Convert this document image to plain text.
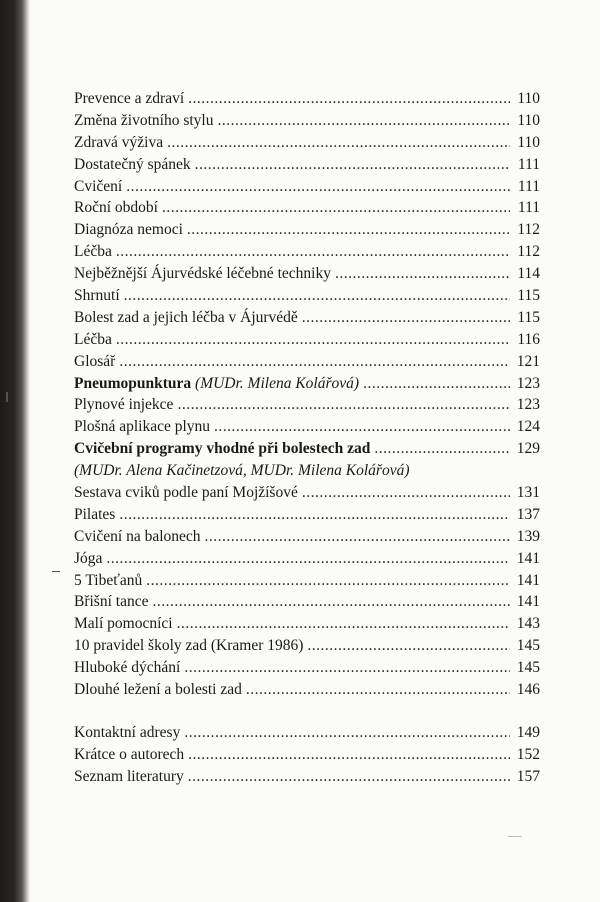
Prevence a zdraví .....	110
Změna životního stylu .....	110
Zdravá výživa .....	110
Dostatečný spánek .....	111
Cvičení .....	111
Roční období .....	111
Diagnóza nemoci .....	112
Léčba .....	112
Nejběžnější Ájurvédské léčebné techniky .....	114
Shrnutí .....	115
Bolest zad a jejich léčba v Ájurvédě .....	115
Léčba .....	116
Glosář .....	121
Pneumopunktura (MUDr. Milena Kolářová) .....	123
Plynové injekce .....	123
Plošná aplikace plynu .....	124
Cvičební programy vhodné při bolestech zad .....	129
(MUDr. Alena Kačinetzová, MUDr. Milena Kolářová)
Sestava cviků podle paní Mojžíšové .....	131
Pilates .....	137
Cvičení na balonech .....	139
Jóga .....	141
5 Tibeťanů .....	141
Břišní tance .....	141
Malí pomocníci .....	143
10 pravidel školy zad (Kramer 1986) .....	145
Hluboké dýchání .....	145
Dlouhé ležení a bolesti zad .....	146
Kontaktní adresy .....	149
Krátce o autorech .....	152
Seznam literatury .....	157
